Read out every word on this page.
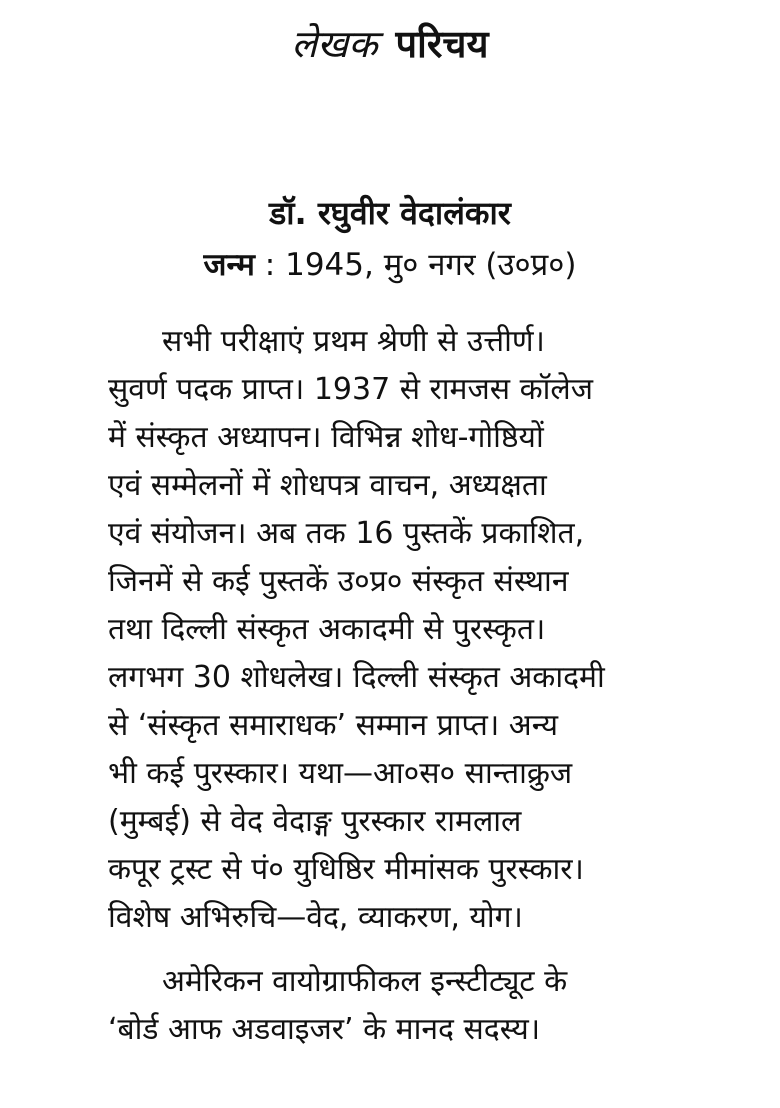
लेखक परिचय
डॉ. रघुवीर वेदालंकार
जन्म : 1945, मु० नगर (उ०प्र०)
सभी परीक्षाएं प्रथम श्रेणी से उत्तीर्ण।
सुवर्ण पदक प्राप्त। 1937 से रामजस कॉलेज
में संस्कृत अध्यापन। विभिन्न शोध-गोष्ठियों
एवं सम्मेलनों में शोधपत्र वाचन, अध्यक्षता
एवं संयोजन। अब तक 16 पुस्तकें प्रकाशित,
जिनमें से कई पुस्तकें उ०प्र० संस्कृत संस्थान
तथा दिल्ली संस्कृत अकादमी से पुरस्कृत।
लगभग 30 शोधलेख। दिल्ली संस्कृत अकादमी
से ‘संस्कृत समाराधक’ सम्मान प्राप्त। अन्य
भी कई पुरस्कार। यथा—आ०स० सान्ताक्रुज
(मुम्बई) से वेद वेदाङ्ग पुरस्कार रामलाल
कपूर ट्रस्ट से पं० युधिष्ठिर मीमांसक पुरस्कार।
विशेष अभिरुचि—वेद, व्याकरण, योग।
अमेरिकन वायोग्राफीकल इन्स्टीट्यूट के
‘बोर्ड आफ अडवाइजर’ के मानद सदस्य।
